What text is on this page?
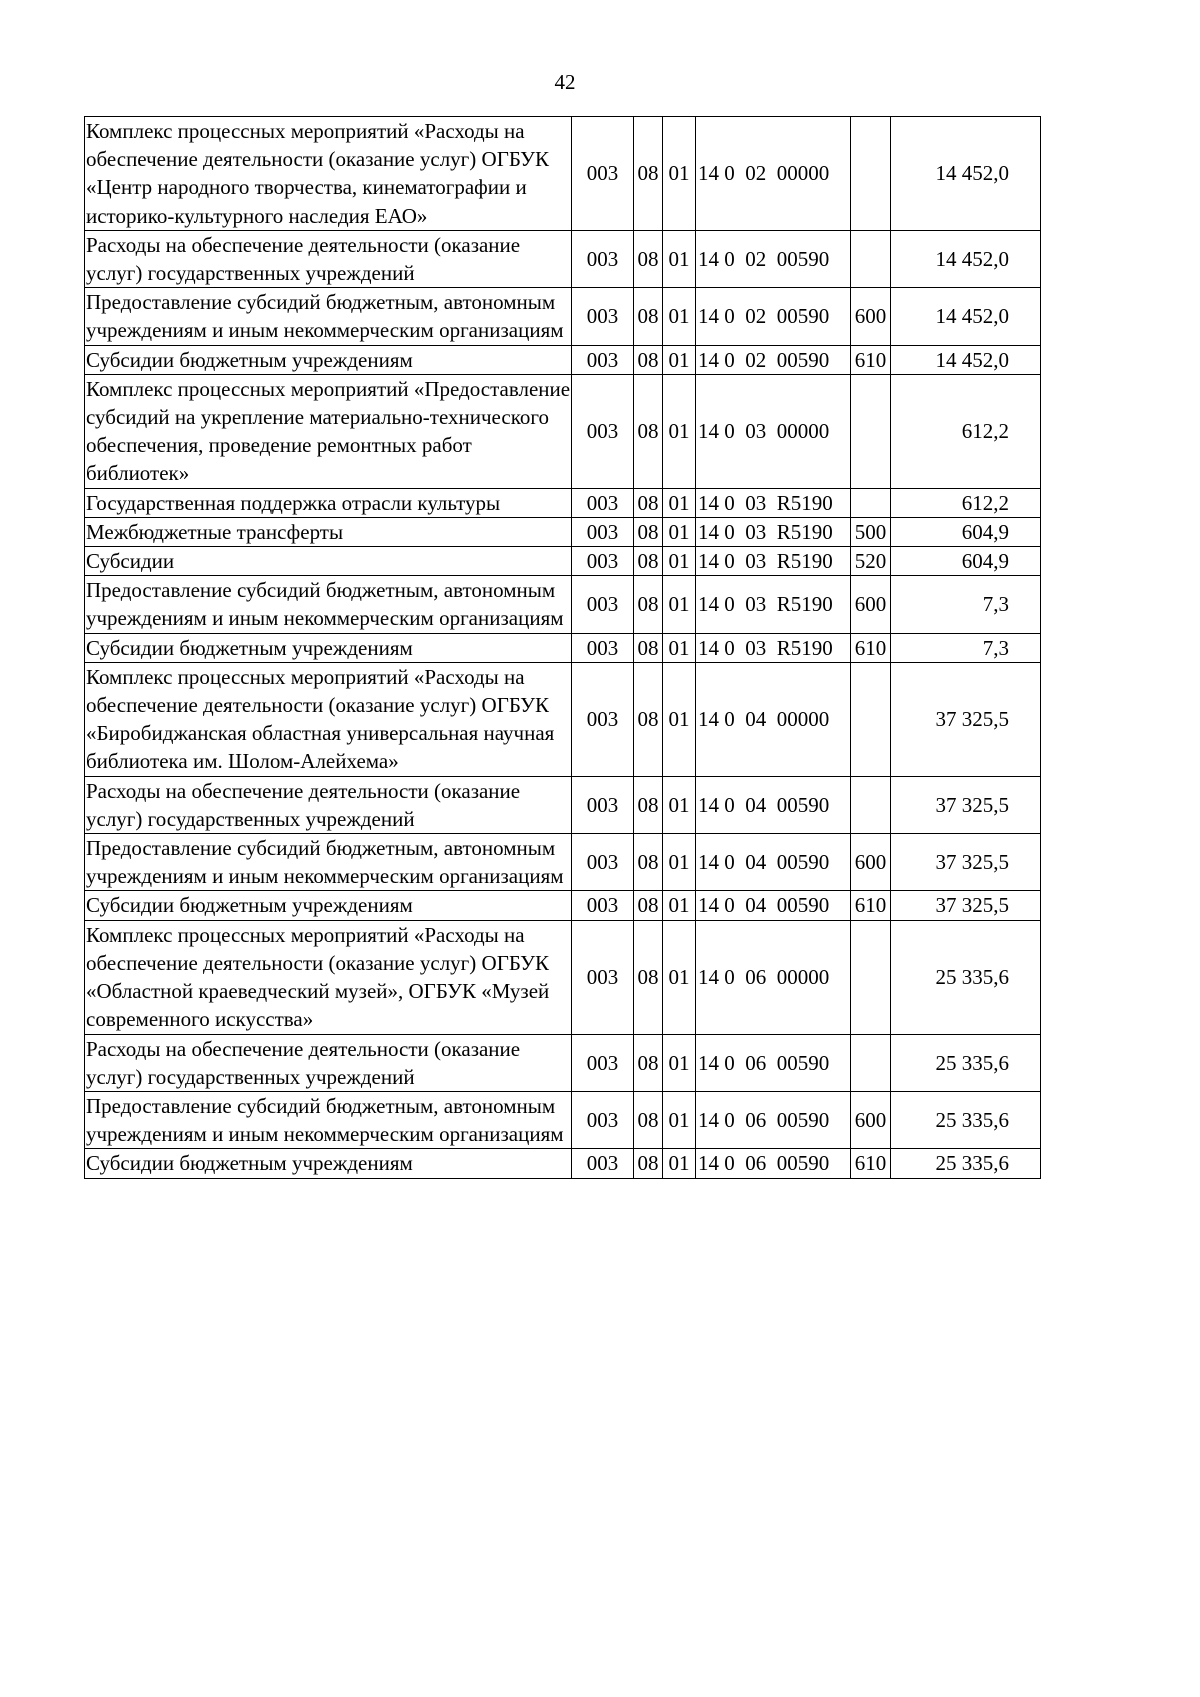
42
Комплекс процессных мероприятий «Расходы на обеспечение деятельности (оказание услуг) ОГБУК «Центр народного творчества, кинематографии и историко-культурного наследия ЕАО»	003	08	01	14 0  02  00000		14 452,0
Расходы на обеспечение деятельности (оказание услуг) государственных учреждений	003	08	01	14 0  02  00590		14 452,0
Предоставление субсидий бюджетным, автономным учреждениям и иным некоммерческим организациям	003	08	01	14 0  02  00590	600	14 452,0
Субсидии бюджетным учреждениям	003	08	01	14 0  02  00590	610	14 452,0
Комплекс процессных мероприятий «Предоставление субсидий на укрепление материально-технического обеспечения, проведение ремонтных работ библиотек»	003	08	01	14 0  03  00000		612,2
Государственная поддержка отрасли культуры	003	08	01	14 0  03  R5190		612,2
Межбюджетные трансферты	003	08	01	14 0  03  R5190	500	604,9
Субсидии	003	08	01	14 0  03  R5190	520	604,9
Предоставление субсидий бюджетным, автономным учреждениям и иным некоммерческим организациям	003	08	01	14 0  03  R5190	600	7,3
Субсидии бюджетным учреждениям	003	08	01	14 0  03  R5190	610	7,3
Комплекс процессных мероприятий «Расходы на обеспечение деятельности (оказание услуг) ОГБУК «Биробиджанская областная универсальная научная библиотека им. Шолом-Алейхема»	003	08	01	14 0  04  00000		37 325,5
Расходы на обеспечение деятельности (оказание услуг) государственных учреждений	003	08	01	14 0  04  00590		37 325,5
Предоставление субсидий бюджетным, автономным учреждениям и иным некоммерческим организациям	003	08	01	14 0  04  00590	600	37 325,5
Субсидии бюджетным учреждениям	003	08	01	14 0  04  00590	610	37 325,5
Комплекс процессных мероприятий «Расходы на обеспечение деятельности (оказание услуг) ОГБУК «Областной краеведческий музей», ОГБУК «Музей современного искусства»	003	08	01	14 0  06  00000		25 335,6
Расходы на обеспечение деятельности (оказание услуг) государственных учреждений	003	08	01	14 0  06  00590		25 335,6
Предоставление субсидий бюджетным, автономным учреждениям и иным некоммерческим организациям	003	08	01	14 0  06  00590	600	25 335,6
Субсидии бюджетным учреждениям	003	08	01	14 0  06  00590	610	25 335,6
